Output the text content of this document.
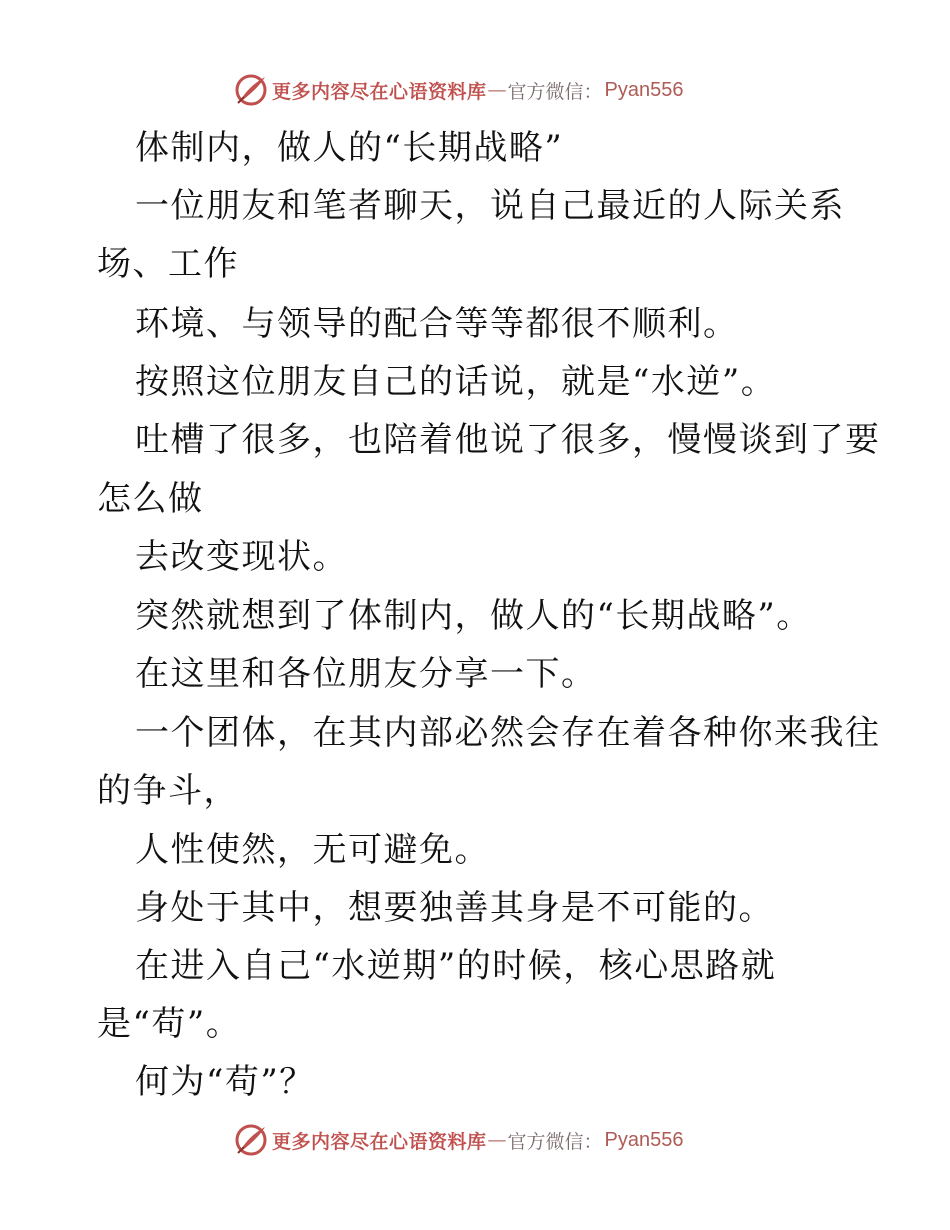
更多内容尽在心语资料库 — 官方微信： Pyan556
体制内，做人的“长期战略”
一位朋友和笔者聊天，说自己最近的人际关系
场、工作
环境、与领导的配合等等都很不顺利。
按照这位朋友自己的话说，就是“水逆”。
吐槽了很多，也陪着他说了很多，慢慢谈到了要
怎么做
去改变现状。
突然就想到了体制内，做人的“长期战略”。
在这里和各位朋友分享一下。
一个团体，在其内部必然会存在着各种你来我往
的争斗，
人性使然，无可避免。
身处于其中，想要独善其身是不可能的。
在进入自己“水逆期”的时候，核心思路就
是“苟”。
何为“苟”？
更多内容尽在心语资料库 — 官方微信： Pyan556
